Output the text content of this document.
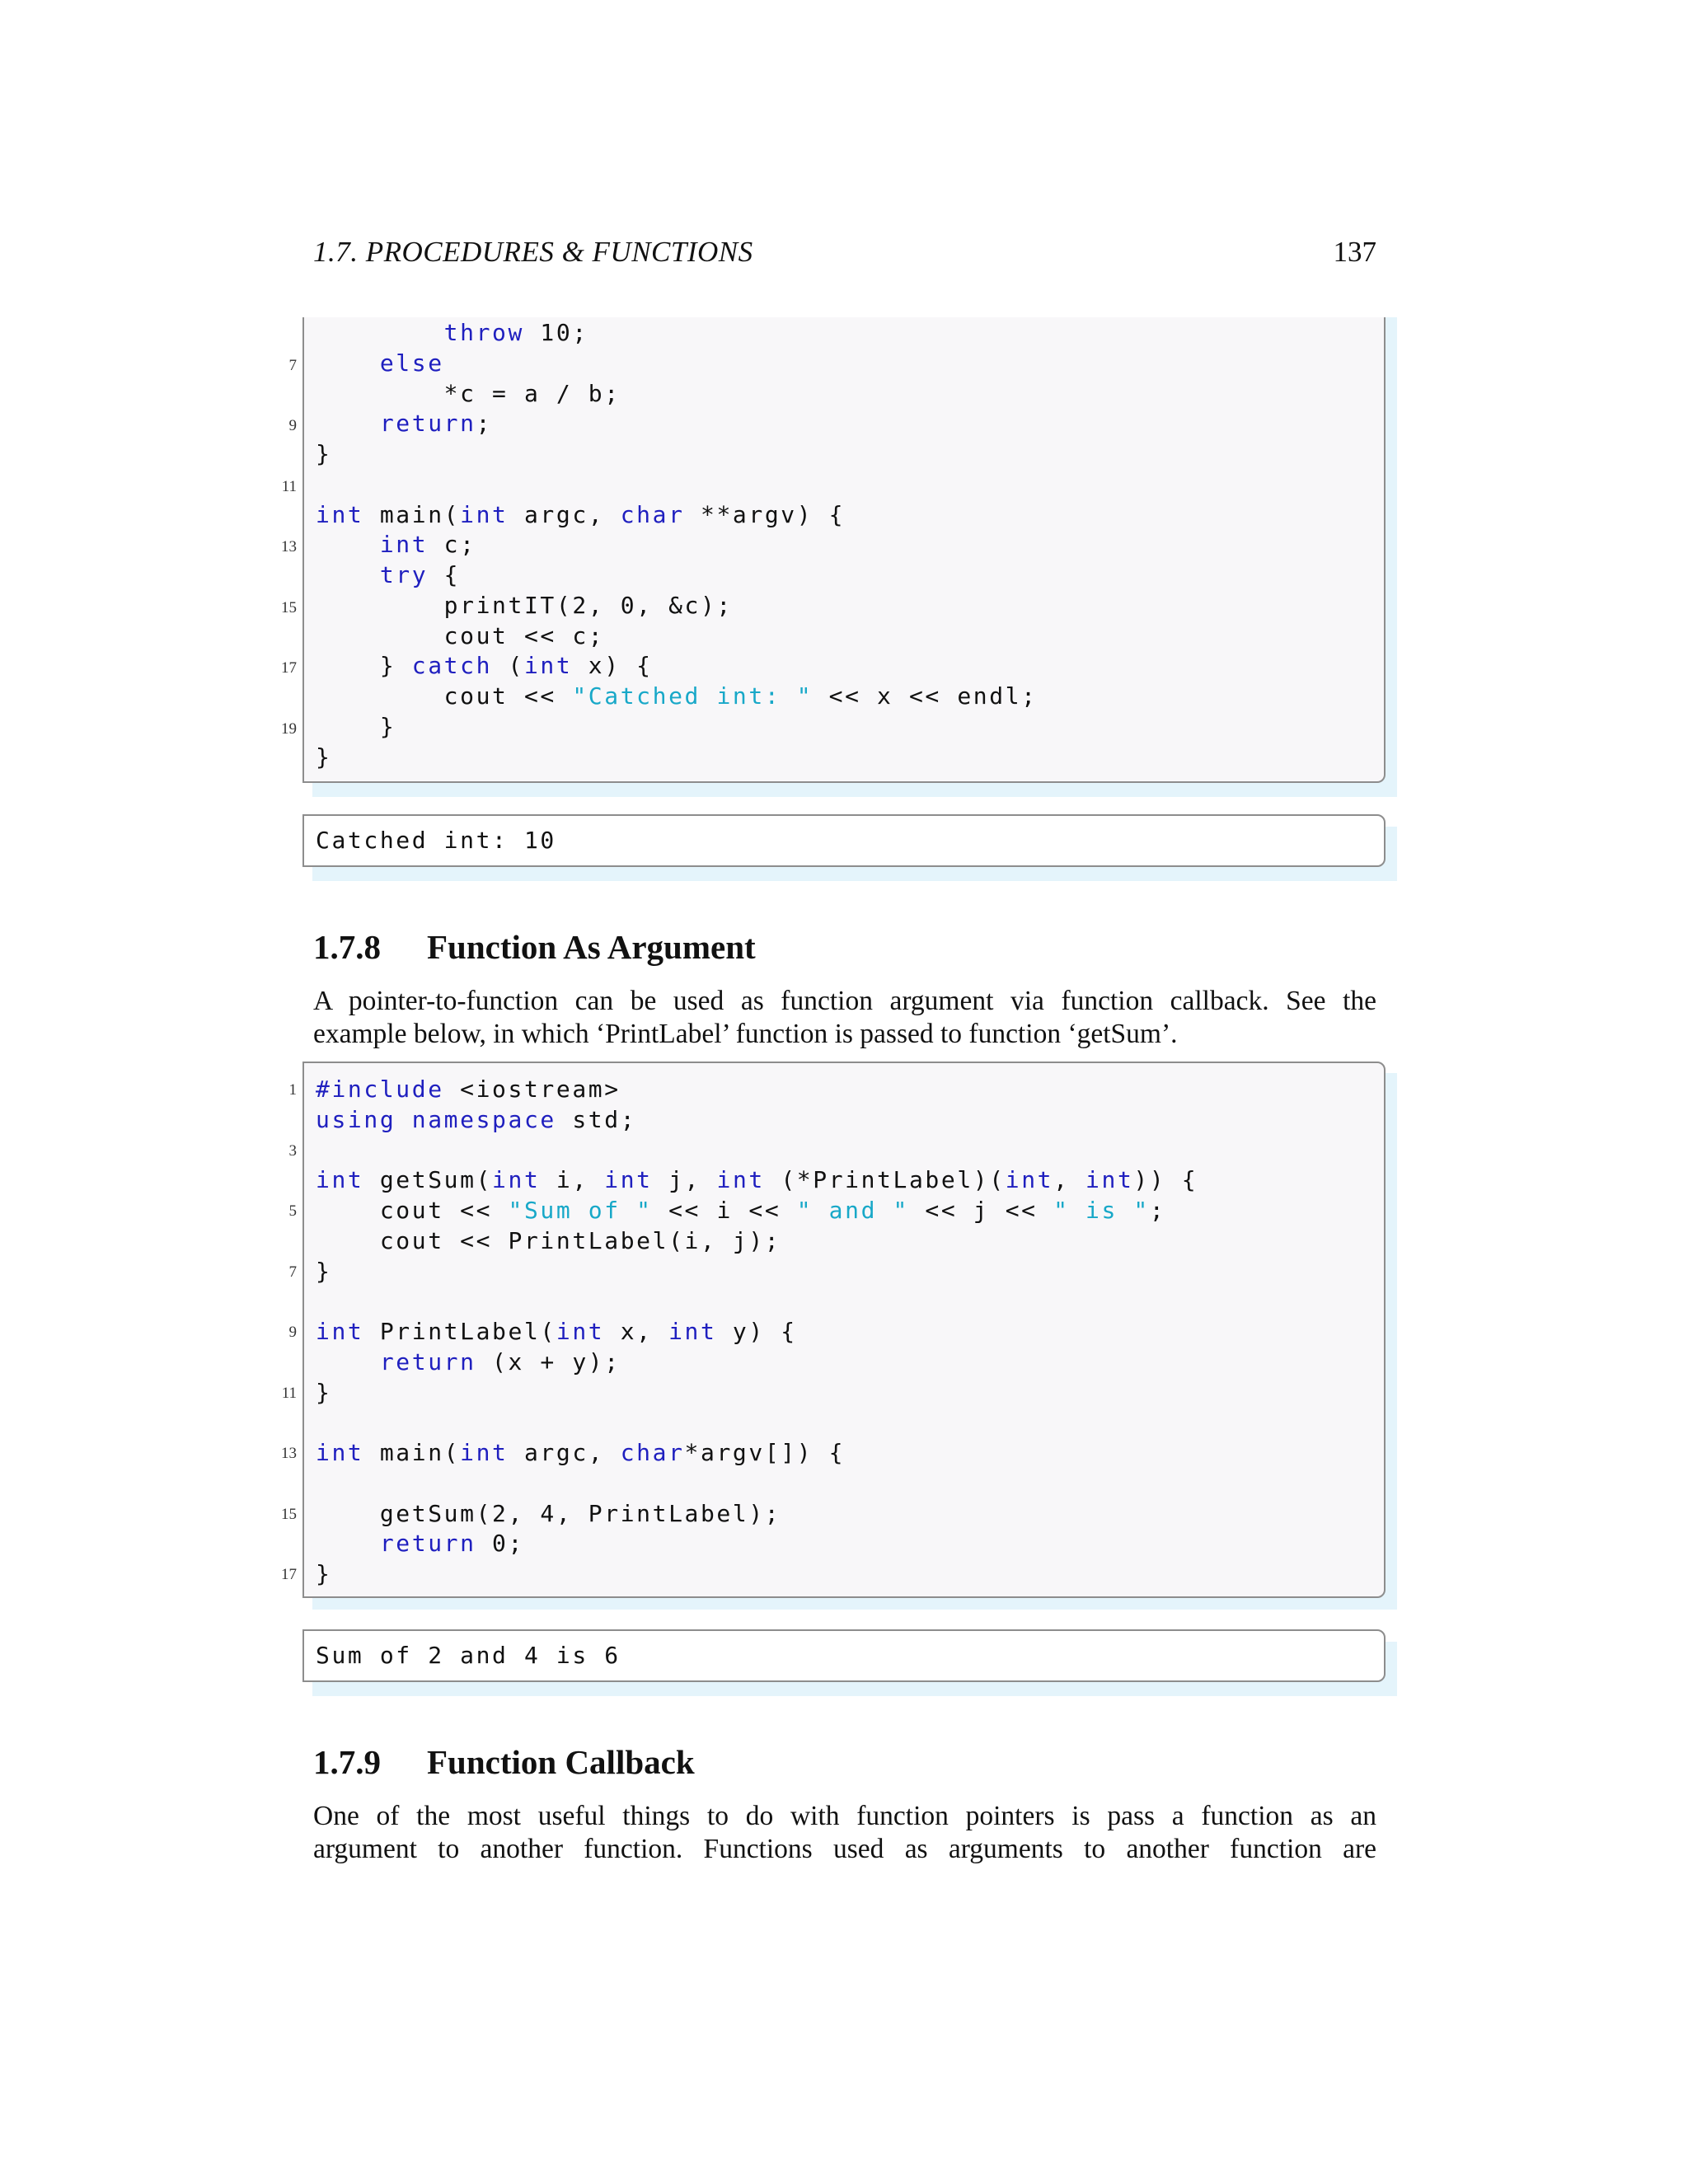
1.7. PROCEDURES & FUNCTIONS	137
throw 10;
else
*c = a / b;
return;
}
int main(int argc, char **argv) {
int c;
try {
printIT(2, 0, &c);
cout << c;
} catch (int x) {
cout << "Catched int: " << x << endl;
}
}
Catched int: 10
1.7.8 Function As Argument
A pointer-to-function can be used as function argument via function callback. See the
example below, in which ‘PrintLabel’ function is passed to function ‘getSum’.
#include <iostream>
using namespace std;
int getSum(int i, int j, int (*PrintLabel)(int, int)) {
cout << "Sum of " << i << " and " << j << " is ";
cout << PrintLabel(i, j);
}
int PrintLabel(int x, int y) {
return (x + y);
}
int main(int argc, char*argv[]) {
getSum(2, 4, PrintLabel);
return 0;
}
Sum of 2 and 4 is 6
1.7.9 Function Callback
One of the most useful things to do with function pointers is pass a function as an
argument to another function. Functions used as arguments to another function are
7
9
11
13
15
17
19
1
3
5
7
9
11
13
15
17
